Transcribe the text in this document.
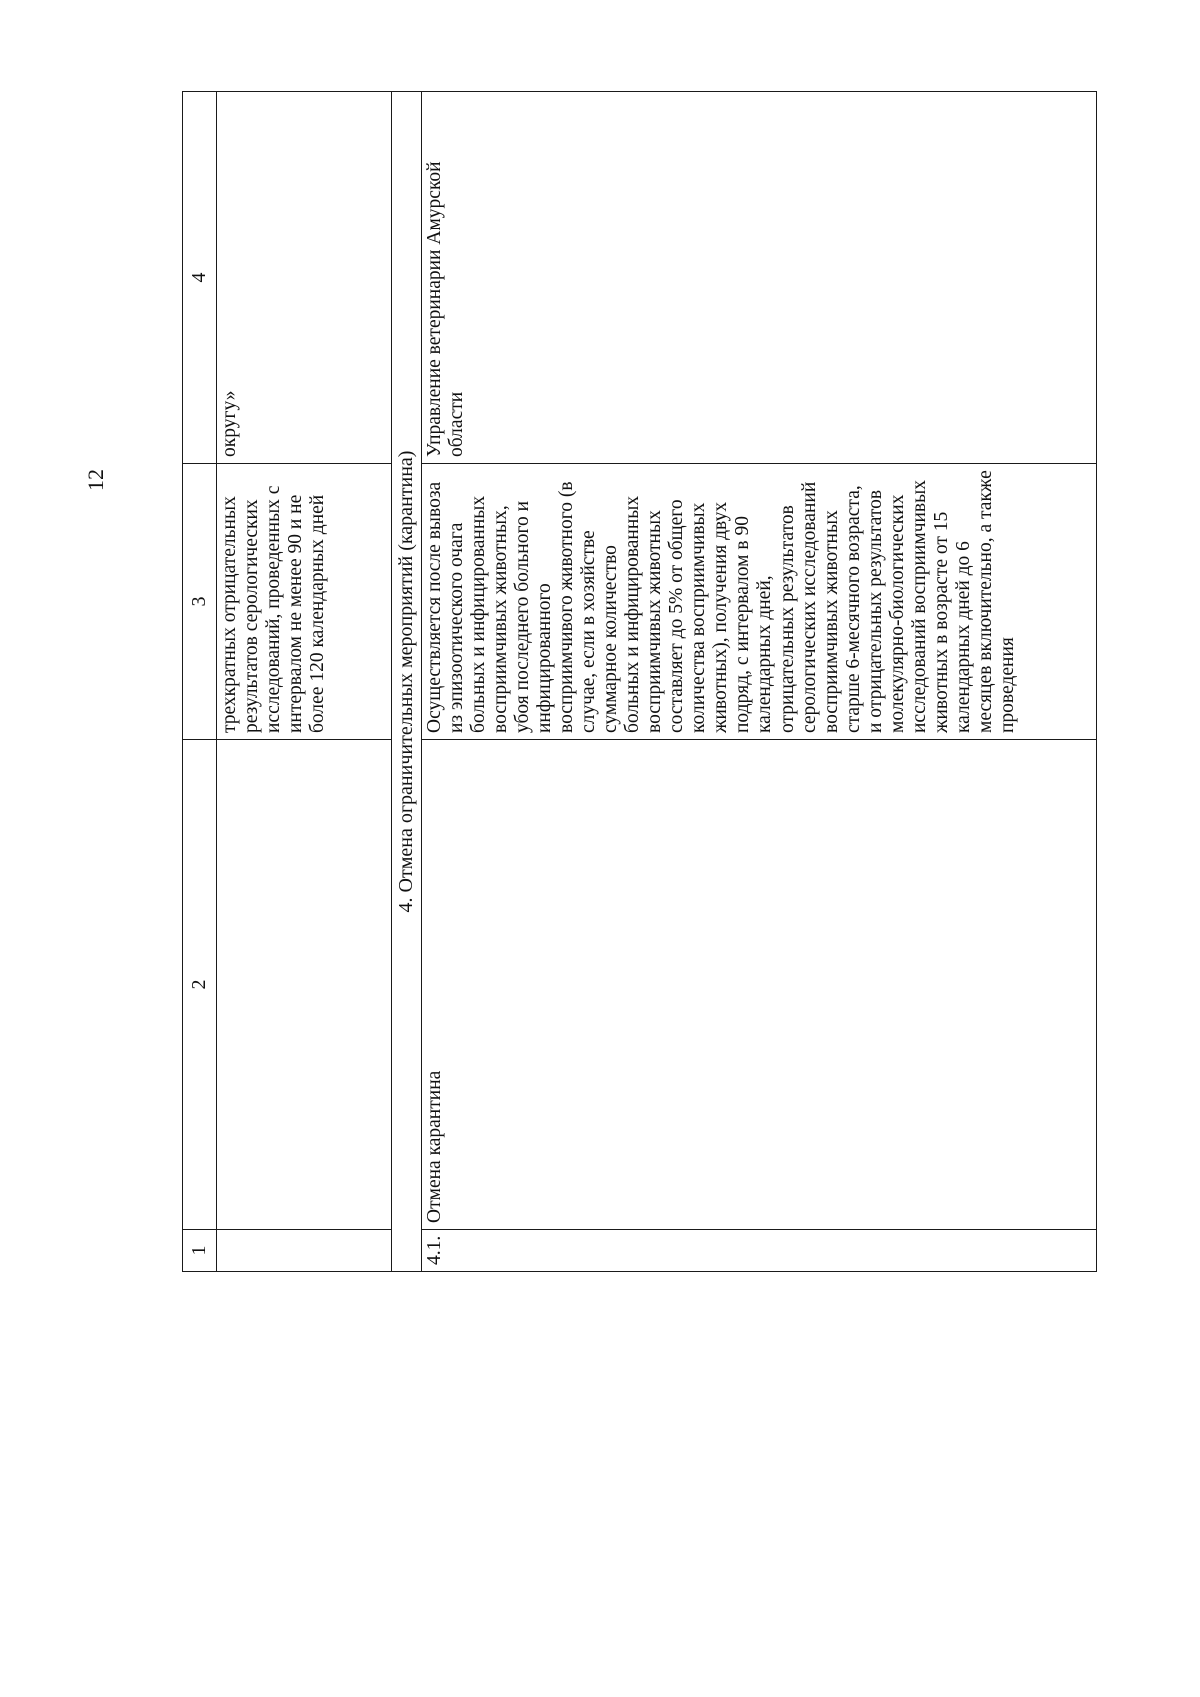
12
1	2	3	4
		трехкратных отрицательных результатов серологических исследований, проведенных с интервалом не менее 90 и не более 120 календарных дней	округу»
4. Отмена ограничительных мероприятий (карантина)			
4.1.	Отмена карантина	Осуществляется после вывоза из эпизоотического очага больных и инфицированных восприимчивых животных, убоя последнего больного и инфицированного восприимчивого животного (в случае, если в хозяйстве суммарное количество больных и инфицированных восприимчивых животных составляет до 5% от общего количества восприимчивых животных), получения двух подряд, с интервалом в 90 календарных дней, отрицательных результатов серологических исследований восприимчивых животных старше 6-месячного возраста, и отрицательных результатов молекулярно-биологических исследований восприимчивых животных в возрасте от 15 календарных дней до 6 месяцев включительно, а также проведения	Управление ветеринарии Амурской области
